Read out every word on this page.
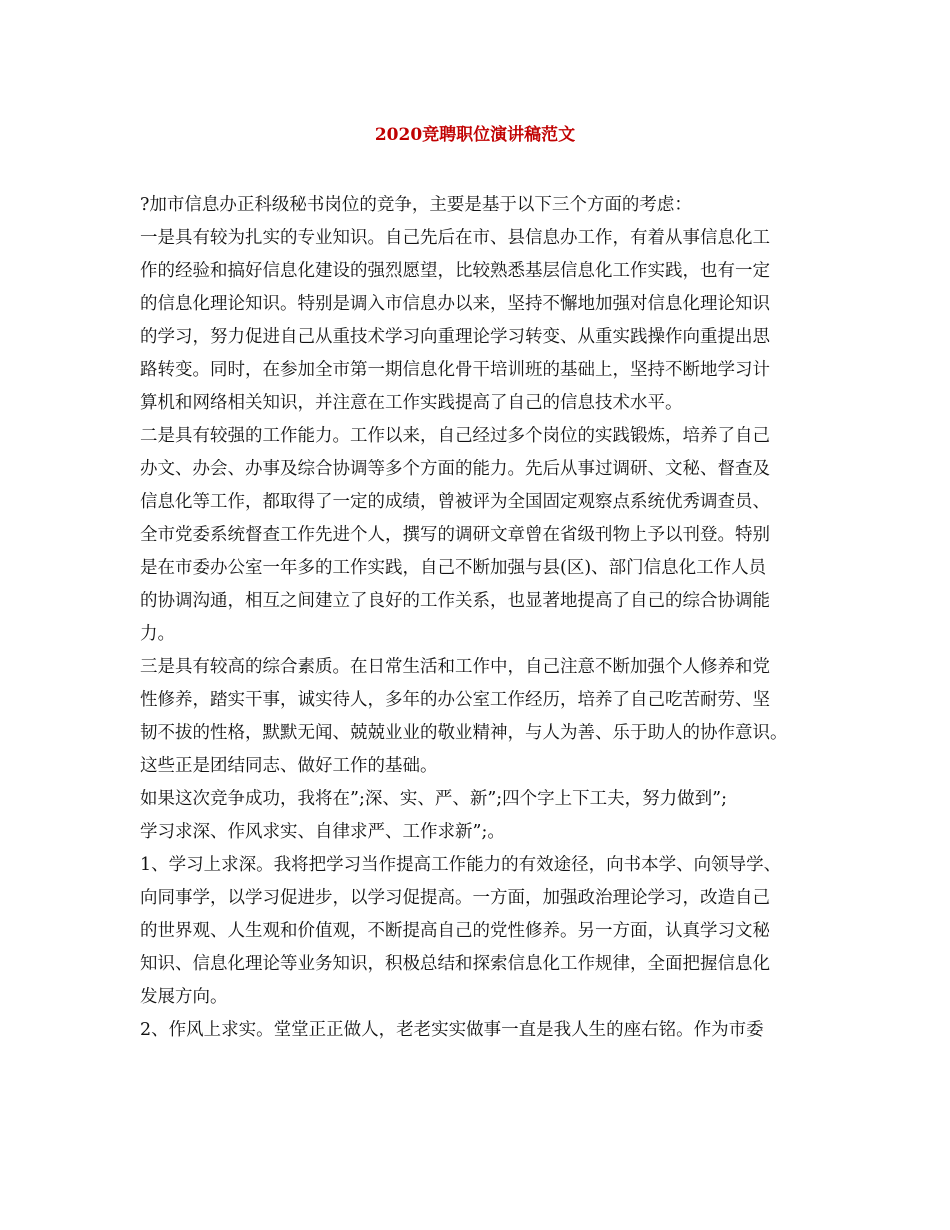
2020竞聘职位演讲稿范文
?加市信息办正科级秘书岗位的竞争，主要是基于以下三个方面的考虑：
一是具有较为扎实的专业知识。自己先后在市、县信息办工作，有着从事信息化工
作的经验和搞好信息化建设的强烈愿望，比较熟悉基层信息化工作实践，也有一定
的信息化理论知识。特别是调入市信息办以来，坚持不懈地加强对信息化理论知识
的学习，努力促进自己从重技术学习向重理论学习转变、从重实践操作向重提出思
路转变。同时，在参加全市第一期信息化骨干培训班的基础上，坚持不断地学习计
算机和网络相关知识，并注意在工作实践提高了自己的信息技术水平。
二是具有较强的工作能力。工作以来，自己经过多个岗位的实践锻炼，培养了自己
办文、办会、办事及综合协调等多个方面的能力。先后从事过调研、文秘、督查及
信息化等工作，都取得了一定的成绩，曾被评为全国固定观察点系统优秀调查员、
全市党委系统督查工作先进个人，撰写的调研文章曾在省级刊物上予以刊登。特别
是在市委办公室一年多的工作实践，自己不断加强与县(区)、部门信息化工作人员
的协调沟通，相互之间建立了良好的工作关系，也显著地提高了自己的综合协调能
力。
三是具有较高的综合素质。在日常生活和工作中，自己注意不断加强个人修养和党
性修养，踏实干事，诚实待人，多年的办公室工作经历，培养了自己吃苦耐劳、坚
韧不拔的性格，默默无闻、兢兢业业的敬业精神，与人为善、乐于助人的协作意识。
这些正是团结同志、做好工作的基础。
如果这次竞争成功，我将在”;深、实、严、新”;四个字上下工夫，努力做到”;
学习求深、作风求实、自律求严、工作求新”;。
1、学习上求深。我将把学习当作提高工作能力的有效途径，向书本学、向领导学、
向同事学，以学习促进步，以学习促提高。一方面，加强政治理论学习，改造自己
的世界观、人生观和价值观，不断提高自己的党性修养。另一方面，认真学习文秘
知识、信息化理论等业务知识，积极总结和探索信息化工作规律，全面把握信息化
发展方向。
2、作风上求实。堂堂正正做人，老老实实做事一直是我人生的座右铭。作为市委
